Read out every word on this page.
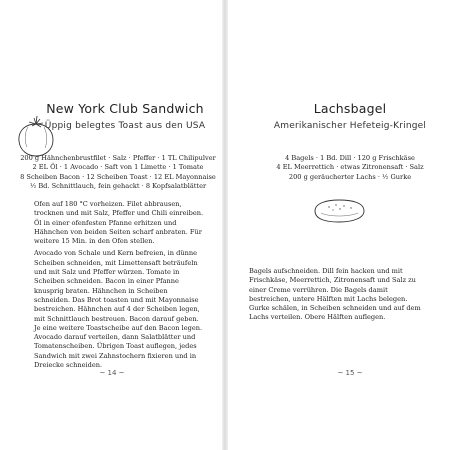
New York Club Sandwich
Üppig belegtes Toast aus den USA
200 g Hähnchenbrustfilet · Salz · Pfeffer · 1 TL Chilipulver
2 EL Öl · 1 Avocado · Saft von 1 Limette · 1 Tomate
8 Scheiben Bacon · 12 Scheiben Toast · 12 EL Mayonnaise
½ Bd. Schnittlauch, fein gehackt · 8 Kopfsalatblätter

Ofen auf 180 °C vorheizen. Filet abbrausen, trocknen und mit Salz, Pfeffer und Chili einreiben. Öl in einer ofenfesten Pfanne erhitzen und Hähnchen von beiden Seiten scharf anbraten. Für weitere 15 Min. in den Ofen stellen.

Avocado von Schale und Kern befreien, in dünne Scheiben schneiden, mit Limettensaft beträufeln und mit Salz und Pfeffer würzen. Tomate in Scheiben schneiden. Bacon in einer Pfanne knusprig braten. Hähnchen in Scheiben schneiden. Das Brot toasten und mit Mayonnaise bestreichen. Hähnchen auf 4 der Scheiben legen, mit Schnittlauch bestreuen. Bacon darauf geben. Je eine weitere Toastscheibe auf den Bacon legen. Avocado darauf verteilen, dann Salatblätter und Tomatenscheiben. Übrigen Toast auflegen, jedes Sandwich mit zwei Zahnstochern fixieren und in Dreiecke schneiden.

~ 14 ~
Lachsbagel
Amerikanischer Hefeteig-Kringel
4 Bagels · 1 Bd. Dill · 120 g Frischkäse
4 EL Meerrettich · etwas Zitronensaft · Salz
200 g geräucherter Lachs · ½ Gurke

Bagels aufschneiden. Dill fein hacken und mit Frischkäse, Meerrettich, Zitronensaft und Salz zu einer Creme verrühren. Die Bagels damit bestreichen, untere Hälften mit Lachs belegen. Gurke schälen, in Scheiben schneiden und auf dem Lachs verteilen. Obere Hälften auflegen.

~ 15 ~
